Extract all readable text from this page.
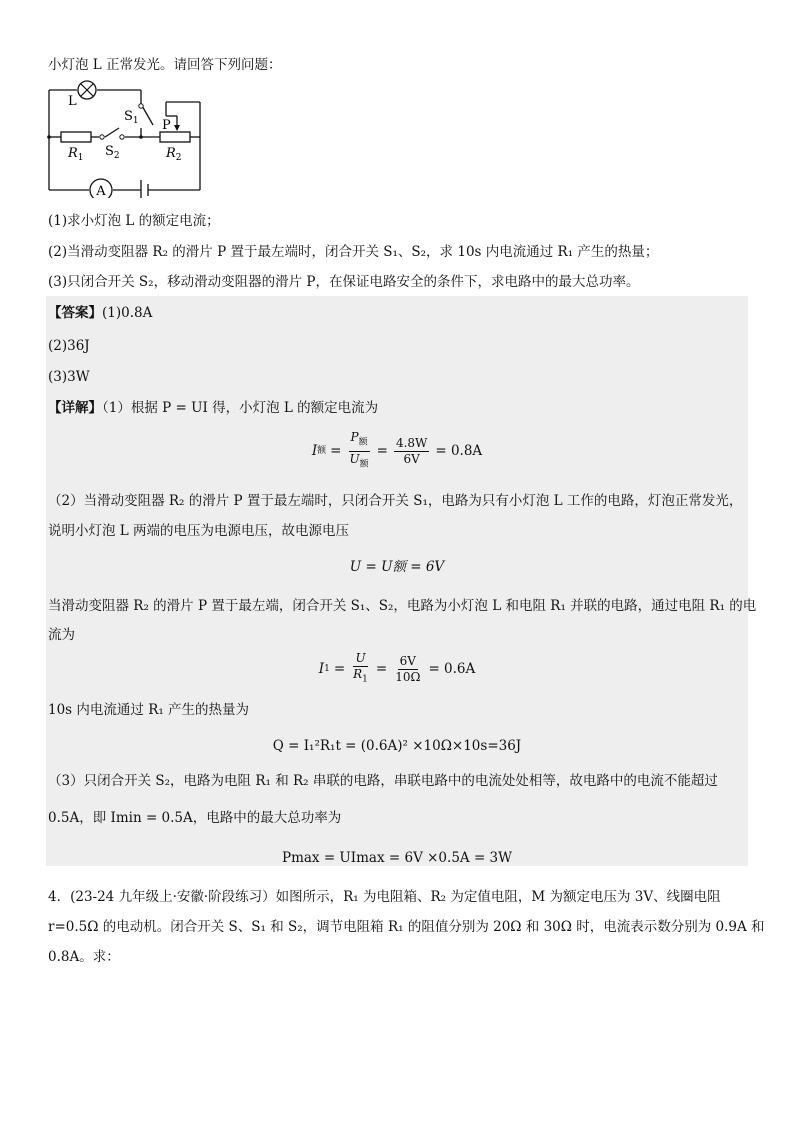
小灯泡 L 正常发光。请回答下列问题：
A
L
$S_1$ P
$R_1$ $S_2$	$R_2$
(1)求小灯泡 L 的额定电流；
(2)当滑动变阻器 R₂ 的滑片 P 置于最左端时，闭合开关 S₁、S₂，求 10s 内电流通过 R₁ 产生的热量；
(3)只闭合开关 S₂，移动滑动变阻器的滑片 P，在保证电路安全的条件下，求电路中的最大总功率。
【答案】(1)0.8A
(2)36J
(3)3W
【详解】（1）根据 P = UI 得，小灯泡 L 的额定电流为
I 额 = $\frac{P_额}{U_额} = \frac{4.8W}{6V} = 0.8A$
（2）当滑动变阻器 R₂ 的滑片 P 置于最左端时，只闭合开关 S₁，电路为只有小灯泡 L 工作的电路，灯泡正常发光，
说明小灯泡 L 两端的电压为电源电压，故电源电压
U = U额 = 6V
当滑动变阻器 R₂ 的滑片 P 置于最左端，闭合开关 S₁、S₂，电路为小灯泡 L 和电阻 R₁ 并联的电路，通过电阻 R₁ 的电
流为
I $1 = \frac{U}{R_1} = \frac{6V}{10\Omega} = 0.6A$
10s 内电流通过 R₁ 产生的热量为
Q = I₁²R₁t = (0.6A)² ×10Ω×10s=36J
（3）只闭合开关 S₂，电路为电阻 R₁ 和 R₂ 串联的电路，串联电路中的电流处处相等，故电路中的电流不能超过
0.5A，即 Imin = 0.5A，电路中的最大总功率为
Pmax = UImax = 6V ×0.5A = 3W
4．(23-24 九年级上·安徽·阶段练习）如图所示，R₁ 为电阻箱、R₂ 为定值电阻，M 为额定电压为 3V、线圈电阻
r=0.5Ω 的电动机。闭合开关 S、S₁ 和 S₂，调节电阻箱 R₁ 的阻值分别为 20Ω 和 30Ω 时，电流表示数分别为 0.9A 和
0.8A。求：
